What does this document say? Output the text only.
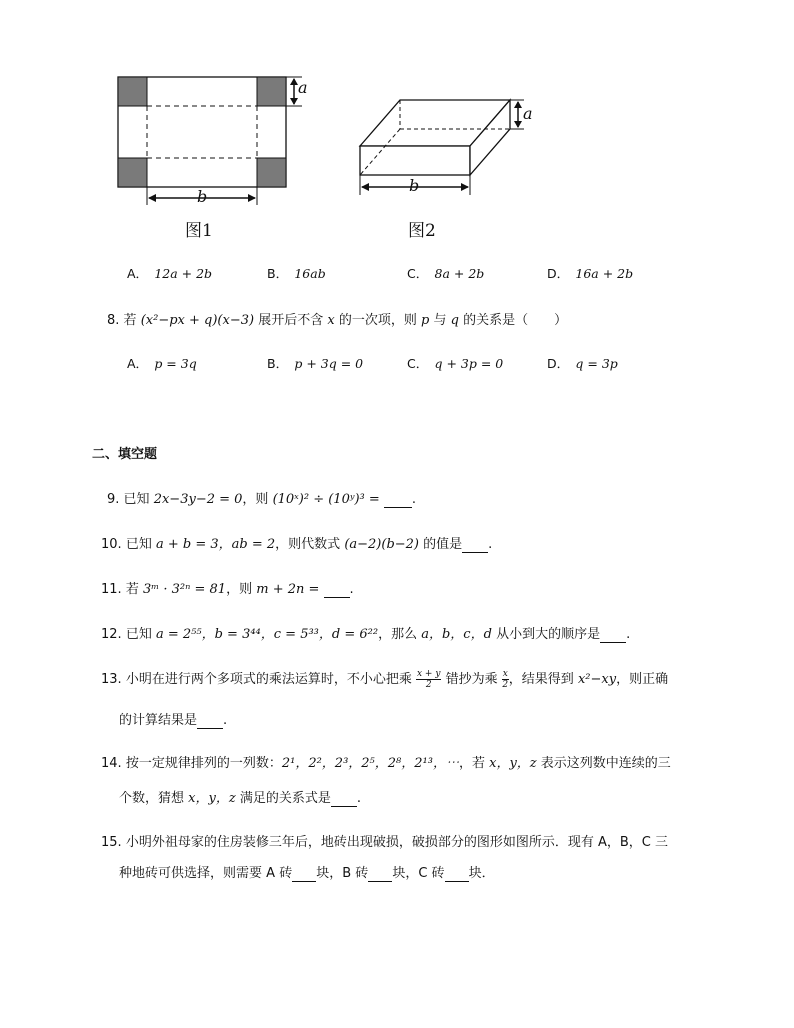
a
b
图1
a
b
图2
A．　 12a + 2b	B．　 16ab	C．　 8a + 2b	D．　 16a + 2b
8. 若 (x²−px + q)(x−3) 展开后不含 x 的一次项，则 p 与 q 的关系是（　　）
A．　 p = 3q	B．　 p + 3q = 0	C．　 q + 3p = 0	D．　 q = 3p
二、填空题
9. 已知 2x−3y−2 = 0，则 (10ˣ)² ÷ (10ʸ)³ = .
10. 已知 a + b = 3，ab = 2，则代数式 (a−2)(b−2) 的值是 .
11. 若 3ᵐ · 3²ⁿ = 81，则 m + 2n = .
12. 已知 a = 2⁵⁵，b = 3⁴⁴，c = 5³³，d = 6²²，那么 a，b，c，d 从小到大的顺序是 .
13. 小明在进行两个多项式的乘法运算时，不小心把乘 $\frac{x + y}{2}$ 错抄为乘 $\frac{x}{2}$ ，结果得到 x²−xy，则正确
的计算结果是 .
14. 按一定规律排列的一列数：2¹，2²，2³，2⁵，2⁸，2¹³，⋯，若 x，y，z 表示这列数中连续的三
个数，猜想 x，y，z 满足的关系式是 .
15. 小明外祖母家的住房装修三年后，地砖出现破损，破损部分的图形如图所示．现有 A，B，C 三
种地砖可供选择，则需要 A 砖 块，B 砖 块，C 砖 块．
